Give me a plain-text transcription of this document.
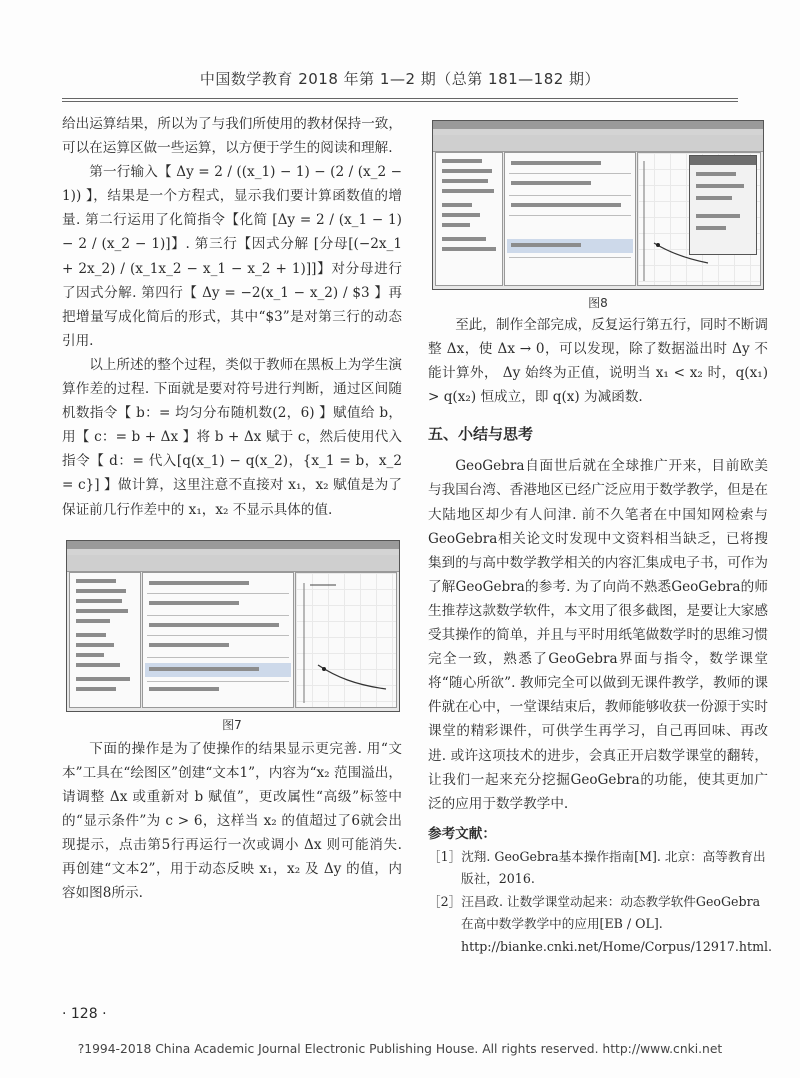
中国数学教育 2018 年第 1—2 期（总第 181—182 期）

给出运算结果，所以为了与我们所使用的教材保持一致，可以在运算区做一些运算，以方便于学生的阅读和理解.

第一行输入【 Δy = 2 / ((x_1) − 1) − (2 / (x_2 − 1)) 】，结果是一个方程式，显示我们要计算函数值的增量. 第二行运用了化简指令【化简 [Δy = 2 / (x_1 − 1) − 2 / (x_2 − 1)]】. 第三行【因式分解 [分母[(−2x_1 + 2x_2) / (x_1x_2 − x_1 − x_2 + 1)]]】对分母进行了因式分解. 第四行【 Δy = −2(x_1 − x_2) / $3 】再把增量写成化简后的形式，其中“$3”是对第三行的动态引用.

以上所述的整个过程，类似于教师在黑板上为学生演算作差的过程. 下面就是要对符号进行判断，通过区间随机数指令【 b：= 均匀分布随机数(2，6) 】赋值给 b，用【 c：= b + Δx 】将 b + Δx 赋于 c，然后使用代入指令【 d：= 代入[q(x_1) − q(x_2)，{x_1 = b，x_2 = c}] 】做计算，这里注意不直接对 x₁，x₂ 赋值是为了保证前几行作差中的 x₁，x₂ 不显示具体的值.

图7

下面的操作是为了使操作的结果显示更完善. 用“文本”工具在“绘图区”创建“文本1”，内容为“x₂ 范围溢出，请调整 Δx 或重新对 b 赋值”，更改属性“高级”标签中的“显示条件”为 c > 6，这样当 x₂ 的值超过了6就会出现提示，点击第5行再运行一次或调小 Δx 则可能消失. 再创建“文本2”，用于动态反映 x₁，x₂ 及 Δy 的值，内容如图8所示.

图8

至此，制作全部完成，反复运行第五行，同时不断调整 Δx，使 Δx → 0，可以发现，除了数据溢出时 Δy 不能计算外， Δy 始终为正值，说明当 x₁ < x₂ 时，q(x₁) > q(x₂) 恒成立，即 q(x) 为减函数.

五、小结与思考

GeoGebra自面世后就在全球推广开来，目前欧美与我国台湾、香港地区已经广泛应用于数学教学，但是在大陆地区却少有人问津. 前不久笔者在中国知网检索与GeoGebra相关论文时发现中文资料相当缺乏，已将搜集到的与高中数学教学相关的内容汇集成电子书，可作为了解GeoGebra的参考. 为了向尚不熟悉GeoGebra的师生推荐这款数学软件，本文用了很多截图，是要让大家感受其操作的简单，并且与平时用纸笔做数学时的思维习惯完全一致，熟悉了GeoGebra界面与指令，数学课堂将“随心所欲”. 教师完全可以做到无课件教学，教师的课件就在心中，一堂课结束后，教师能够收获一份源于实时课堂的精彩课件，可供学生再学习，自己再回味、再改进. 或许这项技术的进步，会真正开启数学课堂的翻转，让我们一起来充分挖掘GeoGebra的功能，使其更加广泛的应用于数学教学中.

参考文献：

［1］沈翔. GeoGebra基本操作指南[M]. 北京：高等教育出版社，2016.

［2］汪昌政. 让数学课堂动起来：动态教学软件GeoGebra在高中数学教学中的应用[EB / OL]. http://bianke.cnki.net/Home/Corpus/12917.html.

· 128 ·
?1994-2018 China Academic Journal Electronic Publishing House. All rights reserved. http://www.cnki.net
